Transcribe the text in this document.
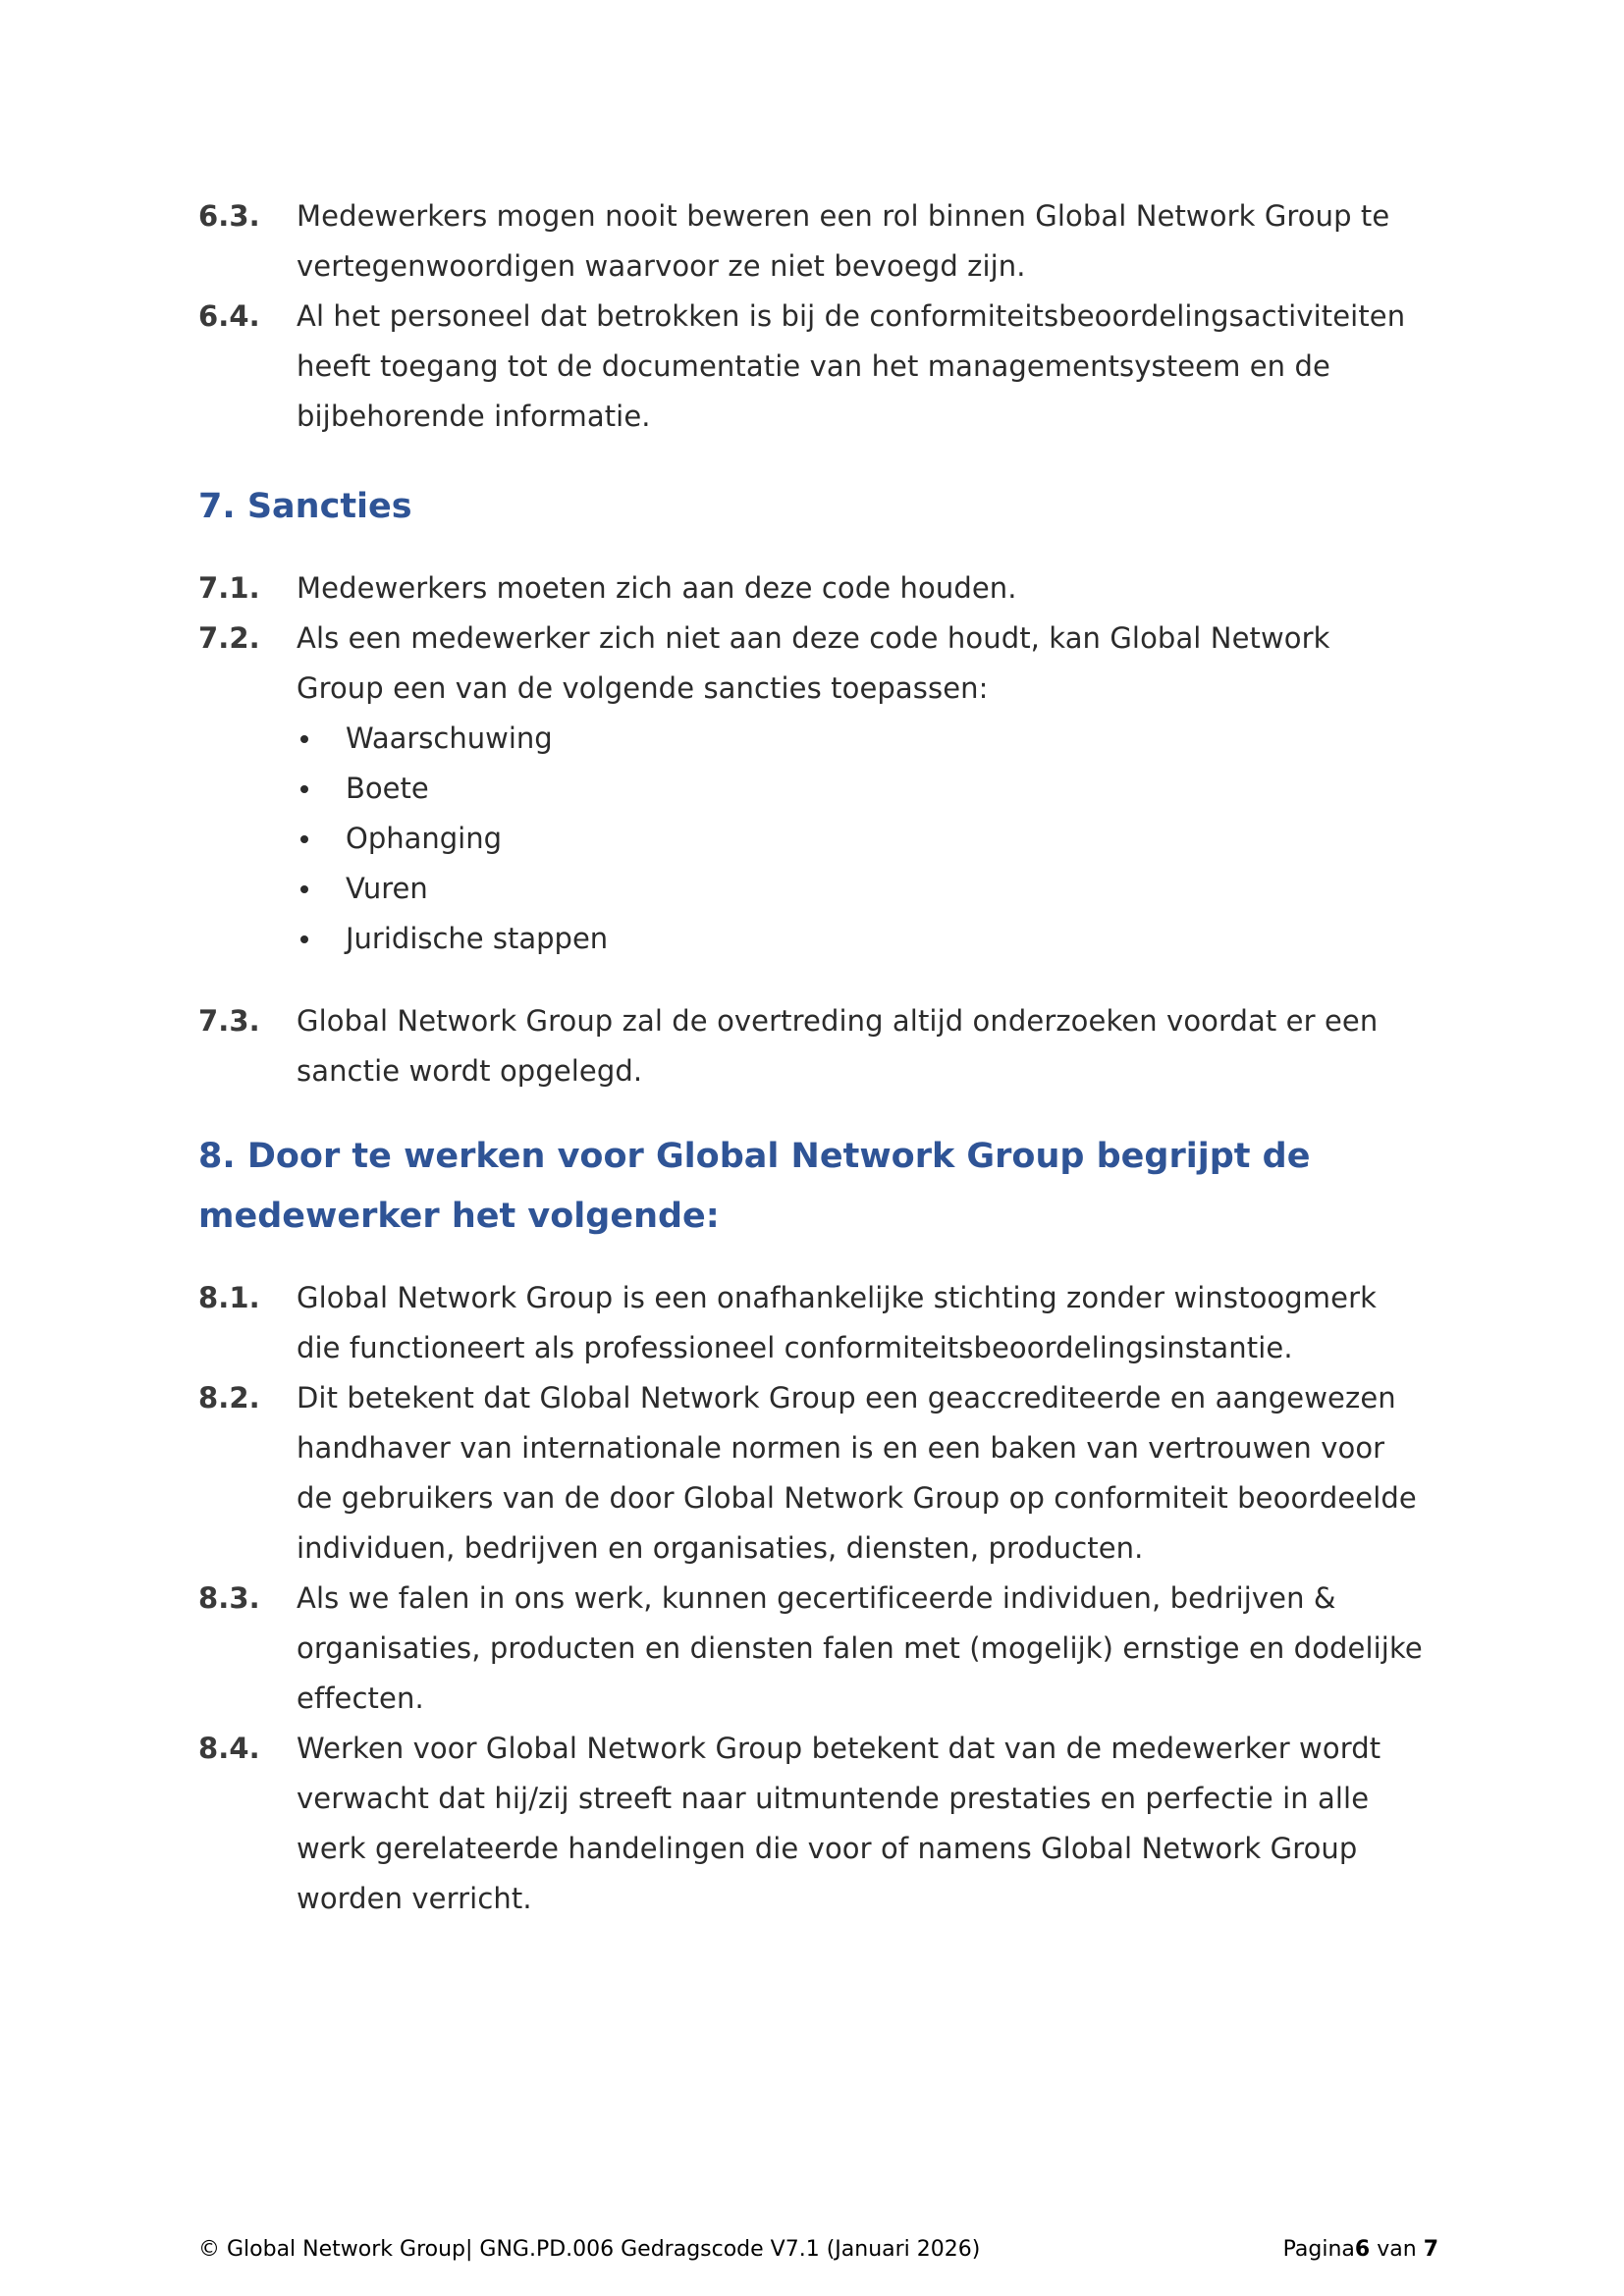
6.3. Medewerkers mogen nooit beweren een rol binnen Global Network Group te vertegenwoordigen waarvoor ze niet bevoegd zijn.
6.4. Al het personeel dat betrokken is bij de conformiteitsbeoordelingsactiviteiten heeft toegang tot de documentatie van het managementsysteem en de bijbehorende informatie.
7. Sancties
7.1. Medewerkers moeten zich aan deze code houden.
7.2. Als een medewerker zich niet aan deze code houdt, kan Global Network Group een van de volgende sancties toepassen:
Waarschuwing
Boete
Ophanging
Vuren
Juridische stappen
7.3. Global Network Group zal de overtreding altijd onderzoeken voordat er een sanctie wordt opgelegd.
8. Door te werken voor Global Network Group begrijpt de medewerker het volgende:
8.1. Global Network Group is een onafhankelijke stichting zonder winstoogmerk die functioneert als professioneel conformiteitsbeoordelingsinstantie.
8.2. Dit betekent dat Global Network Group een geaccrediteerde en aangewezen handhaver van internationale normen is en een baken van vertrouwen voor de gebruikers van de door Global Network Group op conformiteit beoordeelde individuen, bedrijven en organisaties, diensten, producten.
8.3. Als we falen in ons werk, kunnen gecertificeerde individuen, bedrijven & organisaties, producten en diensten falen met (mogelijk) ernstige en dodelijke effecten.
8.4. Werken voor Global Network Group betekent dat van de medewerker wordt verwacht dat hij/zij streeft naar uitmuntende prestaties en perfectie in alle werk gerelateerde handelingen die voor of namens Global Network Group worden verricht.
© Global Network Group| GNG.PD.006 Gedragscode V7.1 (Januari 2026)	Pagina6 van 7
